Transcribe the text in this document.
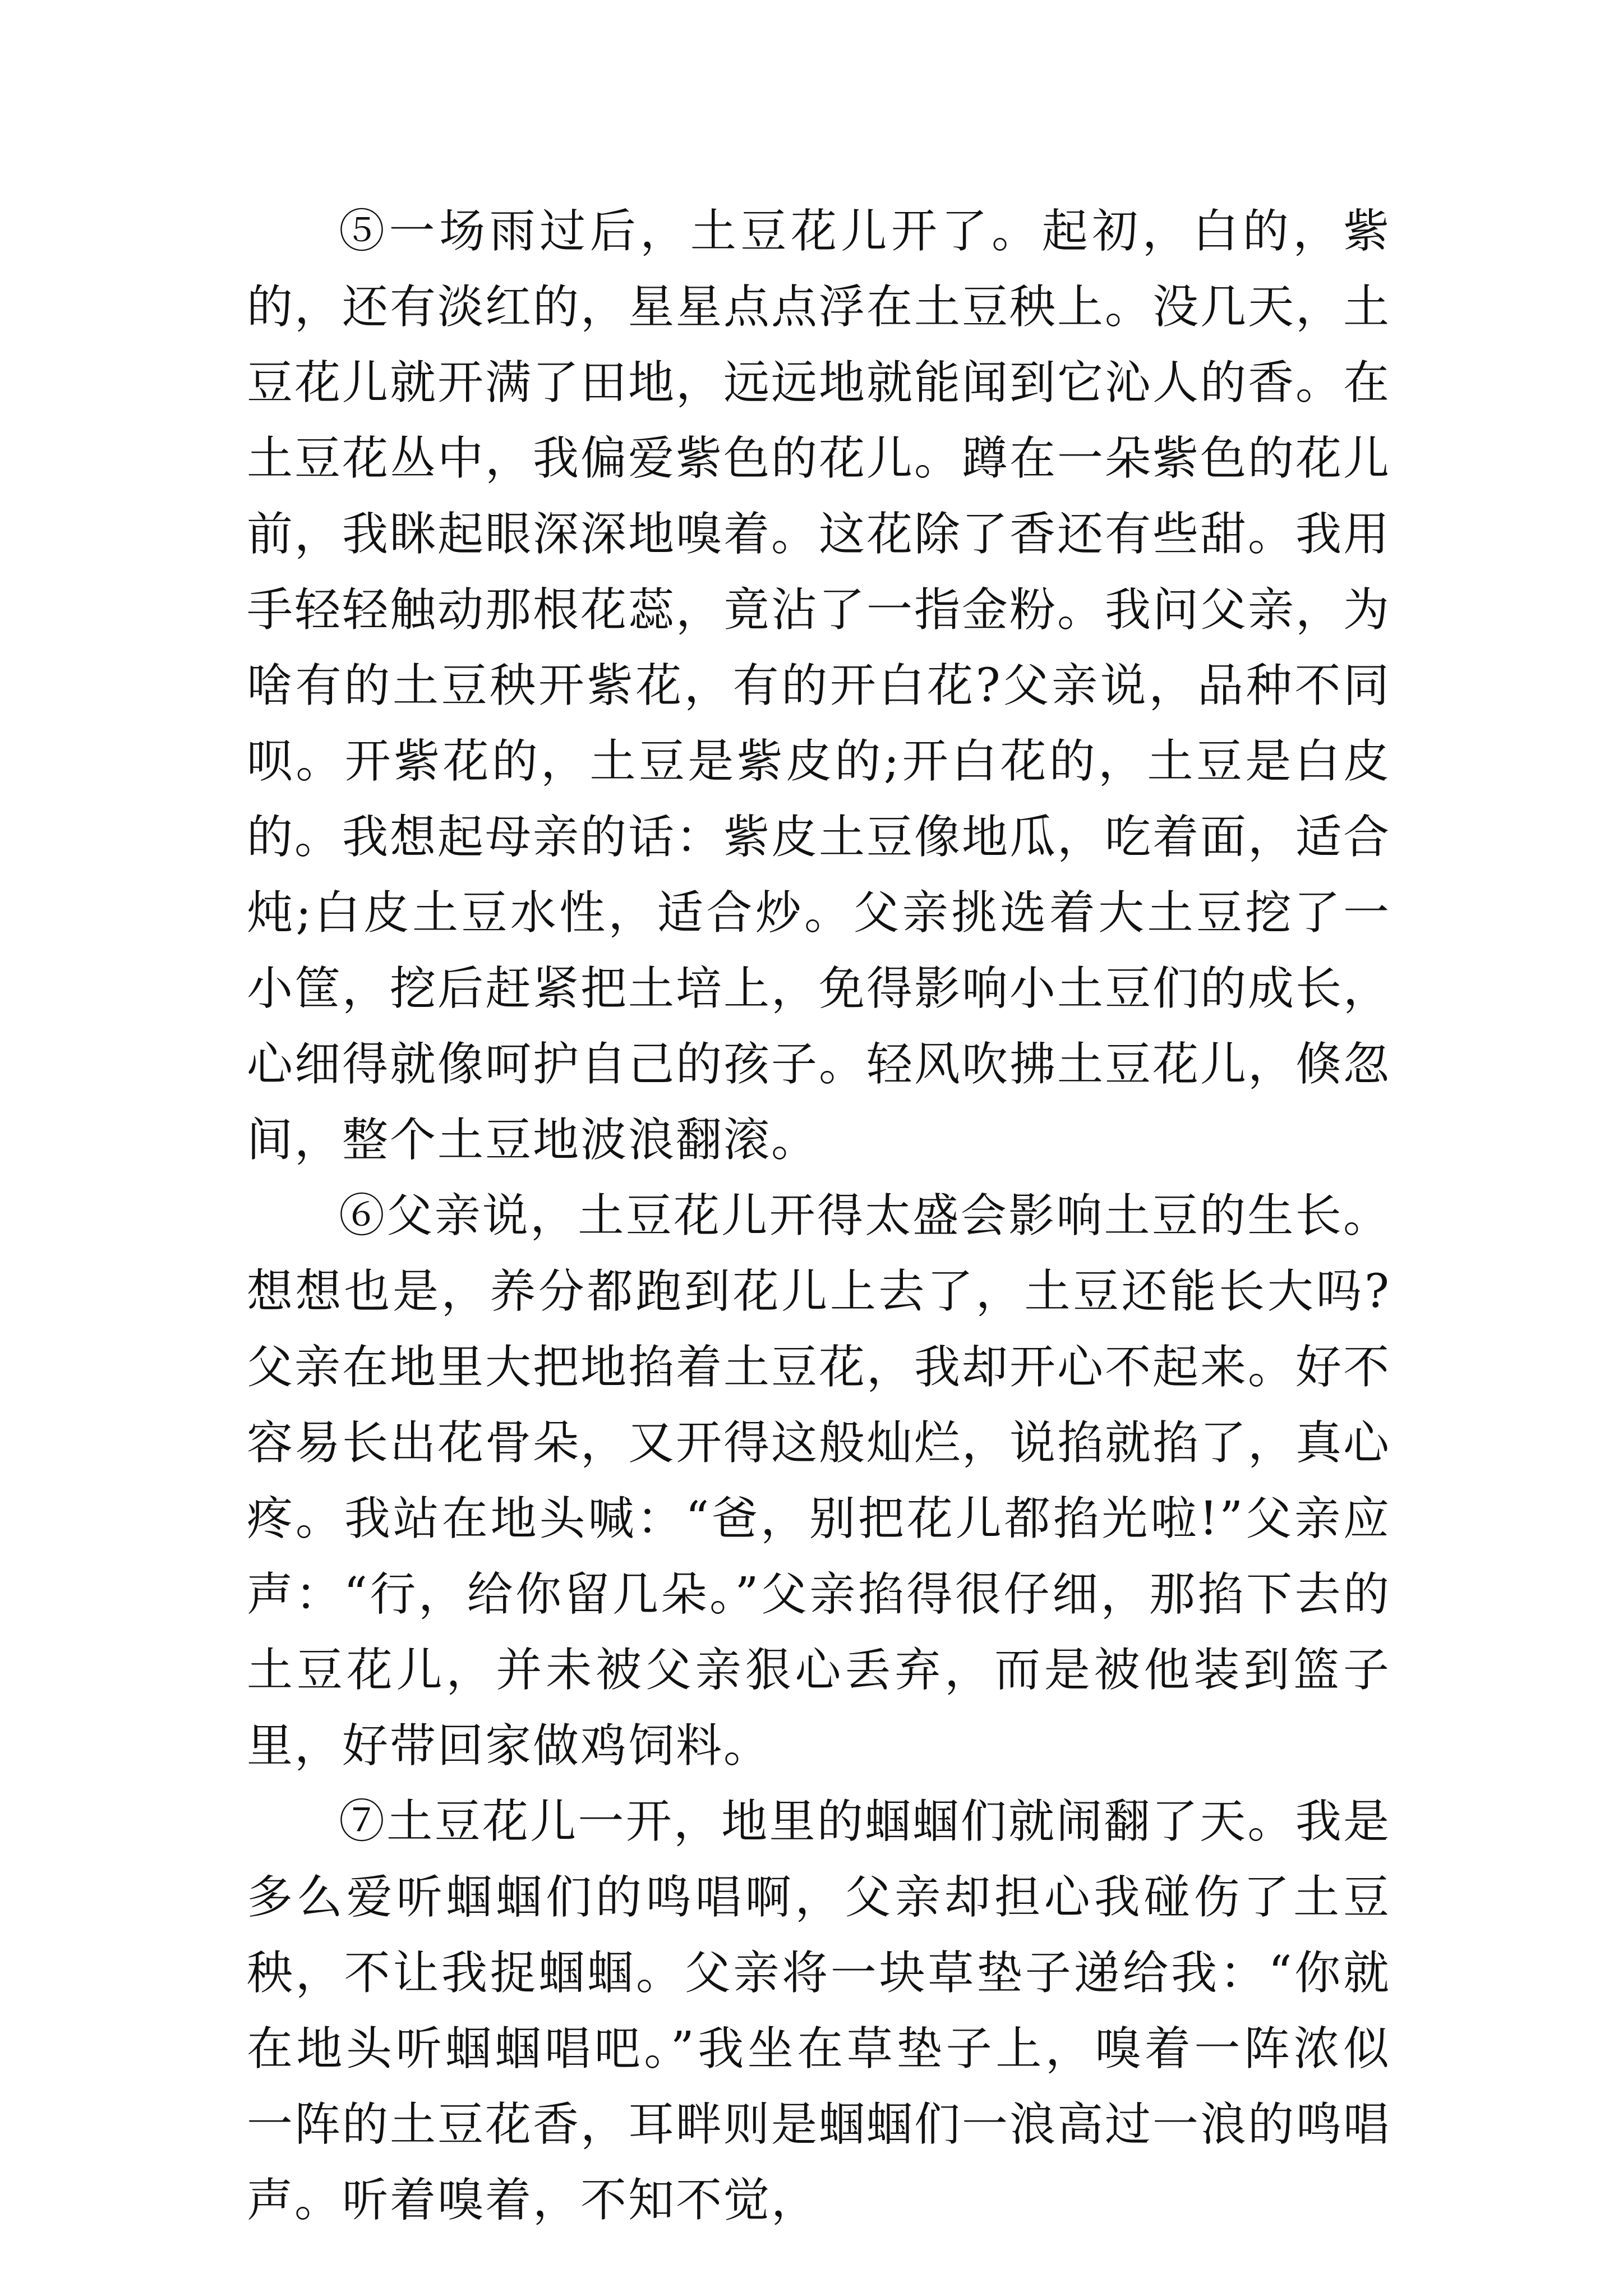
⑤一场雨过后，土豆花儿开了。起初，白的，紫的，还有淡红的，星星点点浮在土豆秧上。没几天，土豆花儿就开满了田地，远远地就能闻到它沁人的香。在土豆花丛中，我偏爱紫色的花儿。蹲在一朵紫色的花儿前，我眯起眼深深地嗅着。这花除了香还有些甜。我用手轻轻触动那根花蕊，竟沾了一指金粉。我问父亲，为啥有的土豆秧开紫花，有的开白花?父亲说，品种不同呗。开紫花的，土豆是紫皮的;开白花的，土豆是白皮的。我想起母亲的话：紫皮土豆像地瓜，吃着面，适合炖;白皮土豆水性，适合炒。父亲挑选着大土豆挖了一小筐，挖后赶紧把土培上，免得影响小土豆们的成长，心细得就像呵护自己的孩子。轻风吹拂土豆花儿，倏忽间，整个土豆地波浪翻滚。

⑥父亲说，土豆花儿开得太盛会影响土豆的生长。想想也是，养分都跑到花儿上去了，土豆还能长大吗?父亲在地里大把地掐着土豆花，我却开心不起来。好不容易长出花骨朵，又开得这般灿烂，说掐就掐了，真心疼。我站在地头喊：“爸，别把花儿都掐光啦!”父亲应声：“行，给你留几朵。”父亲掐得很仔细，那掐下去的土豆花儿，并未被父亲狠心丢弃，而是被他装到篮子里，好带回家做鸡饲料。

⑦土豆花儿一开，地里的蝈蝈们就闹翻了天。我是多么爱听蝈蝈们的鸣唱啊，父亲却担心我碰伤了土豆秧，不让我捉蝈蝈。父亲将一块草垫子递给我：“你就在地头听蝈蝈唱吧。”我坐在草垫子上，嗅着一阵浓似一阵的土豆花香，耳畔则是蝈蝈们一浪高过一浪的鸣唱声。听着嗅着，不知不觉，
